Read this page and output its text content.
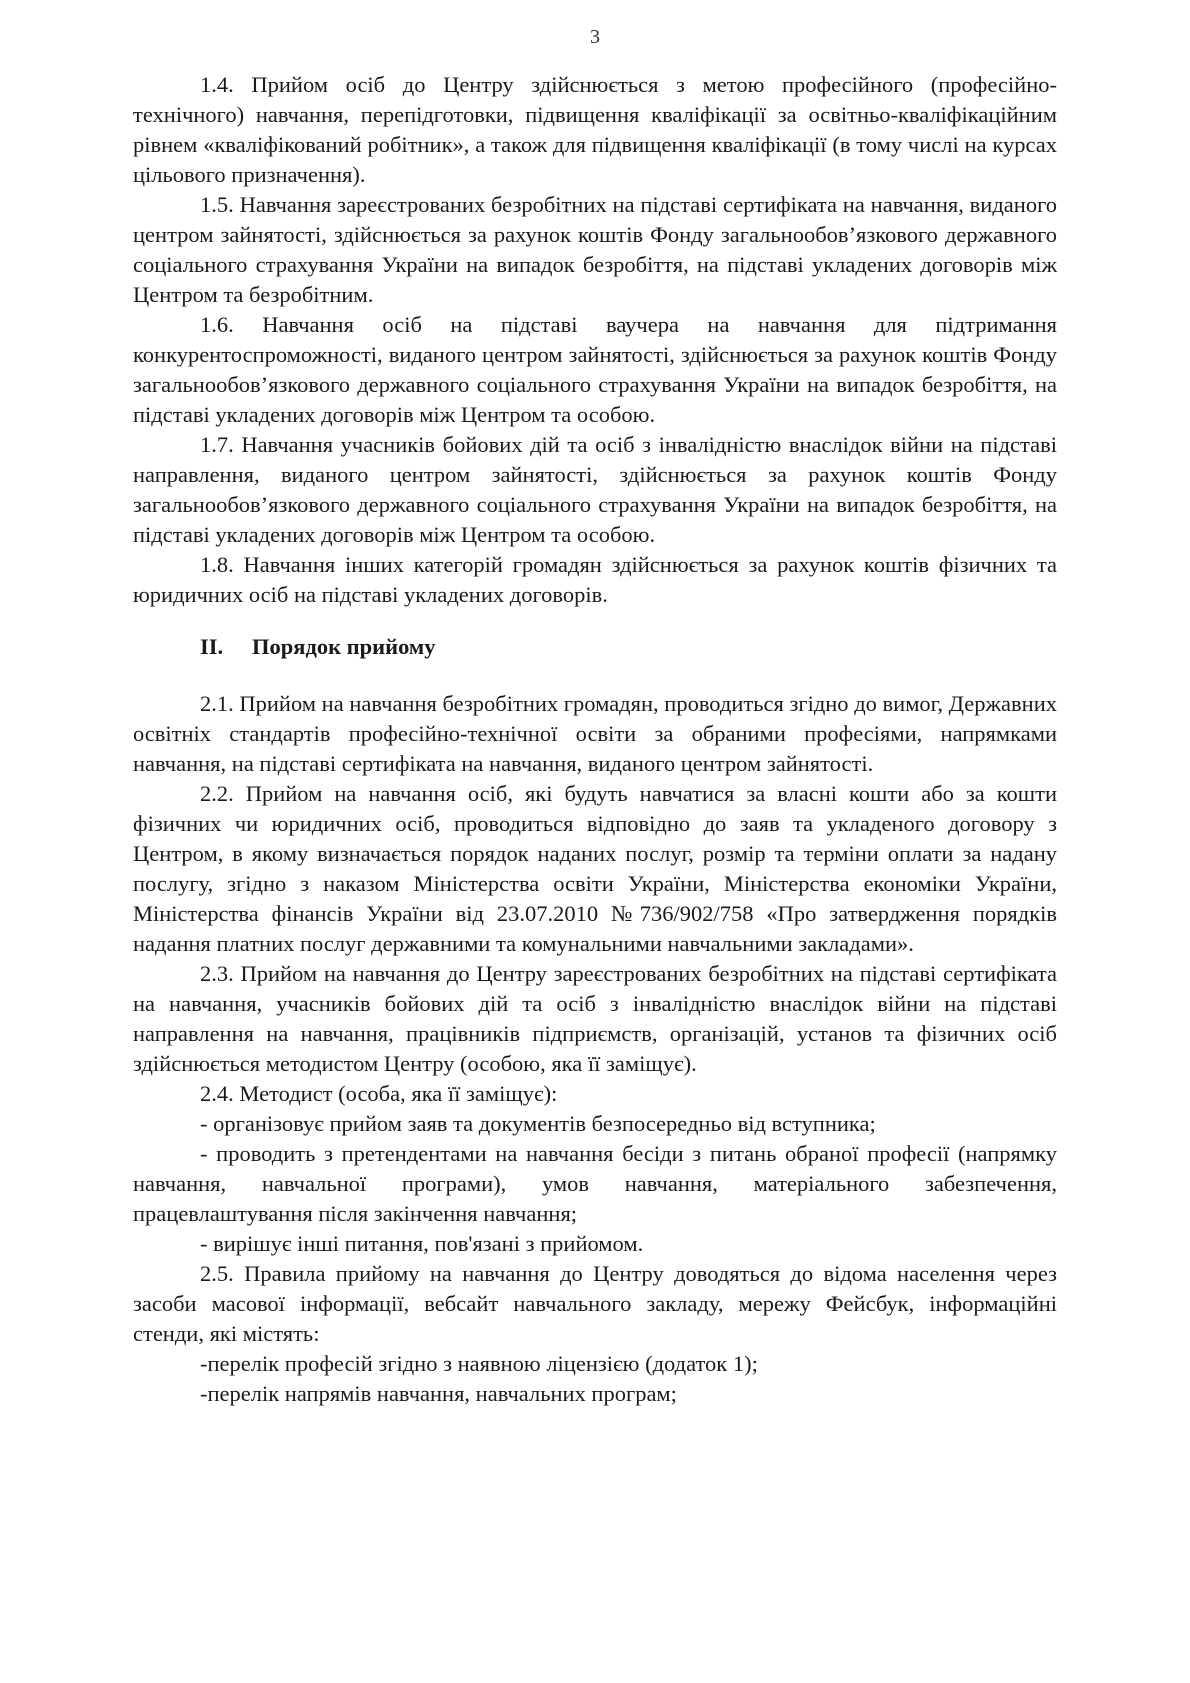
3

1.4. Прийом осіб до Центру здійснюється з метою професійного (професійно-технічного) навчання, перепідготовки, підвищення кваліфікації за освітньо-кваліфікаційним рівнем «кваліфікований робітник», а також для підвищення кваліфікації (в тому числі на курсах цільового призначення).

1.5. Навчання зареєстрованих безробітних на підставі сертифіката на навчання, виданого центром зайнятості, здійснюється за рахунок коштів Фонду загальнообов’язкового державного соціального страхування України на випадок безробіття, на підставі укладених договорів між Центром та безробітним.

1.6. Навчання осіб на підставі ваучера на навчання для підтримання конкурентоспроможності, виданого центром зайнятості, здійснюється за рахунок коштів Фонду загальнообов’язкового державного соціального страхування України на випадок безробіття, на підставі укладених договорів між Центром та особою.

1.7. Навчання учасників бойових дій та осіб з інвалідністю внаслідок війни на підставі направлення, виданого центром зайнятості, здійснюється за рахунок коштів Фонду загальнообов’язкового державного соціального страхування України на випадок безробіття, на підставі укладених договорів між Центром та особою.

1.8. Навчання інших категорій громадян здійснюється за рахунок коштів фізичних та юридичних осіб на підставі укладених договорів.

II. Порядок прийому

2.1. Прийом на навчання безробітних громадян, проводиться згідно до вимог, Державних освітніх стандартів професійно-технічної освіти за обраними професіями, напрямками навчання, на підставі сертифіката на навчання, виданого центром зайнятості.

2.2. Прийом на навчання осіб, які будуть навчатися за власні кошти або за кошти фізичних чи юридичних осіб, проводиться відповідно до заяв та укладеного договору з Центром, в якому визначається порядок наданих послуг, розмір та терміни оплати за надану послугу, згідно з наказом Міністерства освіти України, Міністерства економіки України, Міністерства фінансів України від 23.07.2010 №736/902/758 «Про затвердження порядків надання платних послуг державними та комунальними навчальними закладами».

2.3. Прийом на навчання до Центру зареєстрованих безробітних на підставі сертифіката на навчання, учасників бойових дій та осіб з інвалідністю внаслідок війни на підставі направлення на навчання, працівників підприємств, організацій, установ та фізичних осіб здійснюється методистом Центру (особою, яка її заміщує).

2.4. Методист (особа, яка її заміщує):

- організовує прийом заяв та документів безпосередньо від вступника;

- проводить з претендентами на навчання бесіди з питань обраної професії (напрямку навчання, навчальної програми), умов навчання, матеріального забезпечення, працевлаштування після закінчення навчання;

- вирішує інші питання, пов'язані з прийомом.

2.5. Правила прийому на навчання до Центру доводяться до відома населення через засоби масової інформації, вебсайт навчального закладу, мережу Фейсбук, інформаційні стенди, які містять:

-перелік професій згідно з наявною ліцензією (додаток 1);

-перелік напрямів навчання, навчальних програм;
